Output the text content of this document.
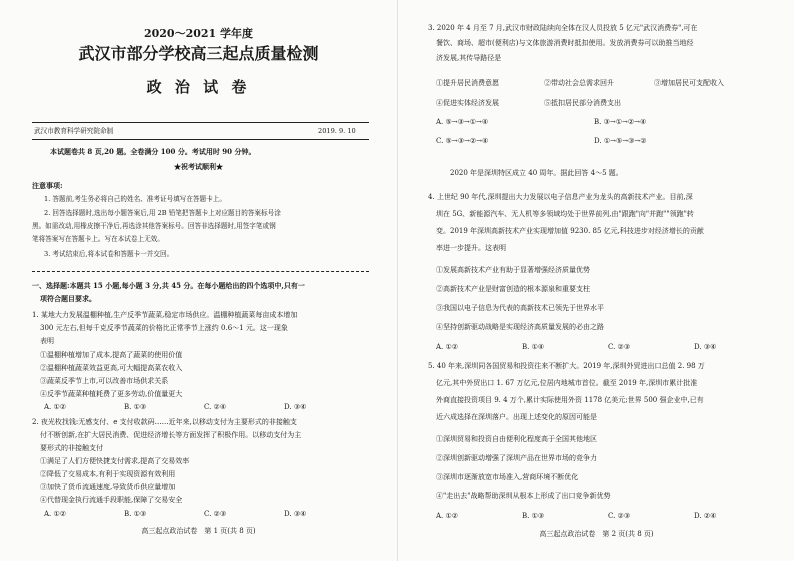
2020～2021 学年度
武汉市部分学校高三起点质量检测
政 治 试 卷
武汉市教育科学研究院命制	2019. 9. 10
本试题卷共 8 页,20 题。全卷满分 100 分。考试用时 90 分钟。
★祝考试顺利★
注意事项:
1. 答题前,考生务必将自己的姓名、准考证号填写在答题卡上。
2. 回答选择题时,选出每小题答案后,用 2B 铅笔把答题卡上对应题目的答案标号涂
黑。如需改动,用橡皮擦干净后,再选涂其他答案标号。回答非选择题时,用签字笔或钢
笔将答案写在答题卡上。写在本试卷上无效。
3. 考试结束后,将本试卷和答题卡一并交回。
一、选择题:本题共 15 小题,每小题 3 分,共 45 分。在每小题给出的四个选项中,只有一
项符合题目要求。
1. 某地大力发展温棚种植,生产反季节蔬菜,稳定市场供应。温棚种植蔬菜每亩成本增加
300 元左右,但每千克反季节蔬菜的价格比正常季节上涨约 0.6～1 元。这一现象
表明
①温棚种植增加了成本,提高了蔬菜的使用价值
②温棚种植蔬菜效益更高,可大幅提高菜农收入
③蔬菜反季节上市,可以改善市场供求关系
④反季节蔬菜种植耗费了更多劳动,价值量更大
A. ①②	B. ①③	C. ②④	D. ③④
2. 夜光枚找钱:无感支付、e 支付收款码……近年来,以移动支付为主要形式的非接触支
付不断创新,在扩大居民消费、促进经济增长等方面发挥了积极作用。以移动支付为主
要形式的非接触支付
①满足了人们方便快捷支付需求,提高了交易效率
②降低了交易成本,有利于实现资源有效利用
③加快了货币流通速度,导致货币供应量增加
④代替现金执行流通手段职能,保障了交易安全
A. ①②	B. ①③	C. ②③	D. ③④
高三起点政治试卷　第 1 页(共 8 页)
3. 2020 年 4 月至 7 月,武汉市财政陆续向全体在汉人员投放 5 亿元"武汉消费券",可在
餐饮、商场、超市(便利店)与文体旅游消费时抵扣使用。发放消费券可以助推当地经
济发展,其传导路径是
①提升居民消费意愿	②带动社会总需求回升	③增加居民可支配收入
④促进实体经济发展	⑤抵扣居民部分消费支出
A. ⑤→③→①→④	B. ③→①→②→④
C. ⑤→③→②→④	D. ①→⑤→③→②
2020 年是深圳特区成立 40 周年。据此回答 4～5 题。
4. 上世纪 90 年代,深圳提出大力发展以电子信息产业为龙头的高新技术产业。目前,深
圳在 5G、新能源汽车、无人机等多领域均处于世界前列,由"跟跑"向"并跑""领跑"转
变。2019 年深圳高新技术产业实现增加值 9230. 85 亿元,科技进步对经济增长的贡献
率进一步提升。这表明
①发展高新技术产业有助于显著增强经济质量优势
②高新技术产业是财富创造的根本源泉和重要支柱
③我国以电子信息为代表的高新技术已领先于世界水平
④坚持创新驱动战略是实现经济高质量发展的必由之路
A. ①②	B. ①④	C. ②③	D. ③④
5. 40 年来,深圳同各国贸易和投资往来不断扩大。2019 年,深圳外贸进出口总值 2. 98 万
亿元,其中外贸出口 1. 67 万亿元,位居内地城市首位。截至 2019 年,深圳市累计批准
外商直接投资项目 9. 4 万个,累计实际使用外资 1178 亿美元;世界 500 强企业中,已有
近六成选择在深圳落户。出现上述变化的原因可能是
①深圳贸易和投资自由便利化程度高于全国其他地区
②深圳创新驱动增强了深圳产品在世界市场的竞争力
③深圳市逐渐放宽市场准入,营商环境不断优化
④"走出去"战略帮助深圳从根本上形成了出口竞争新优势
A. ①②	B. ①③	C. ②③	D. ②④
高三起点政治试卷　第 2 页(共 8 页)
